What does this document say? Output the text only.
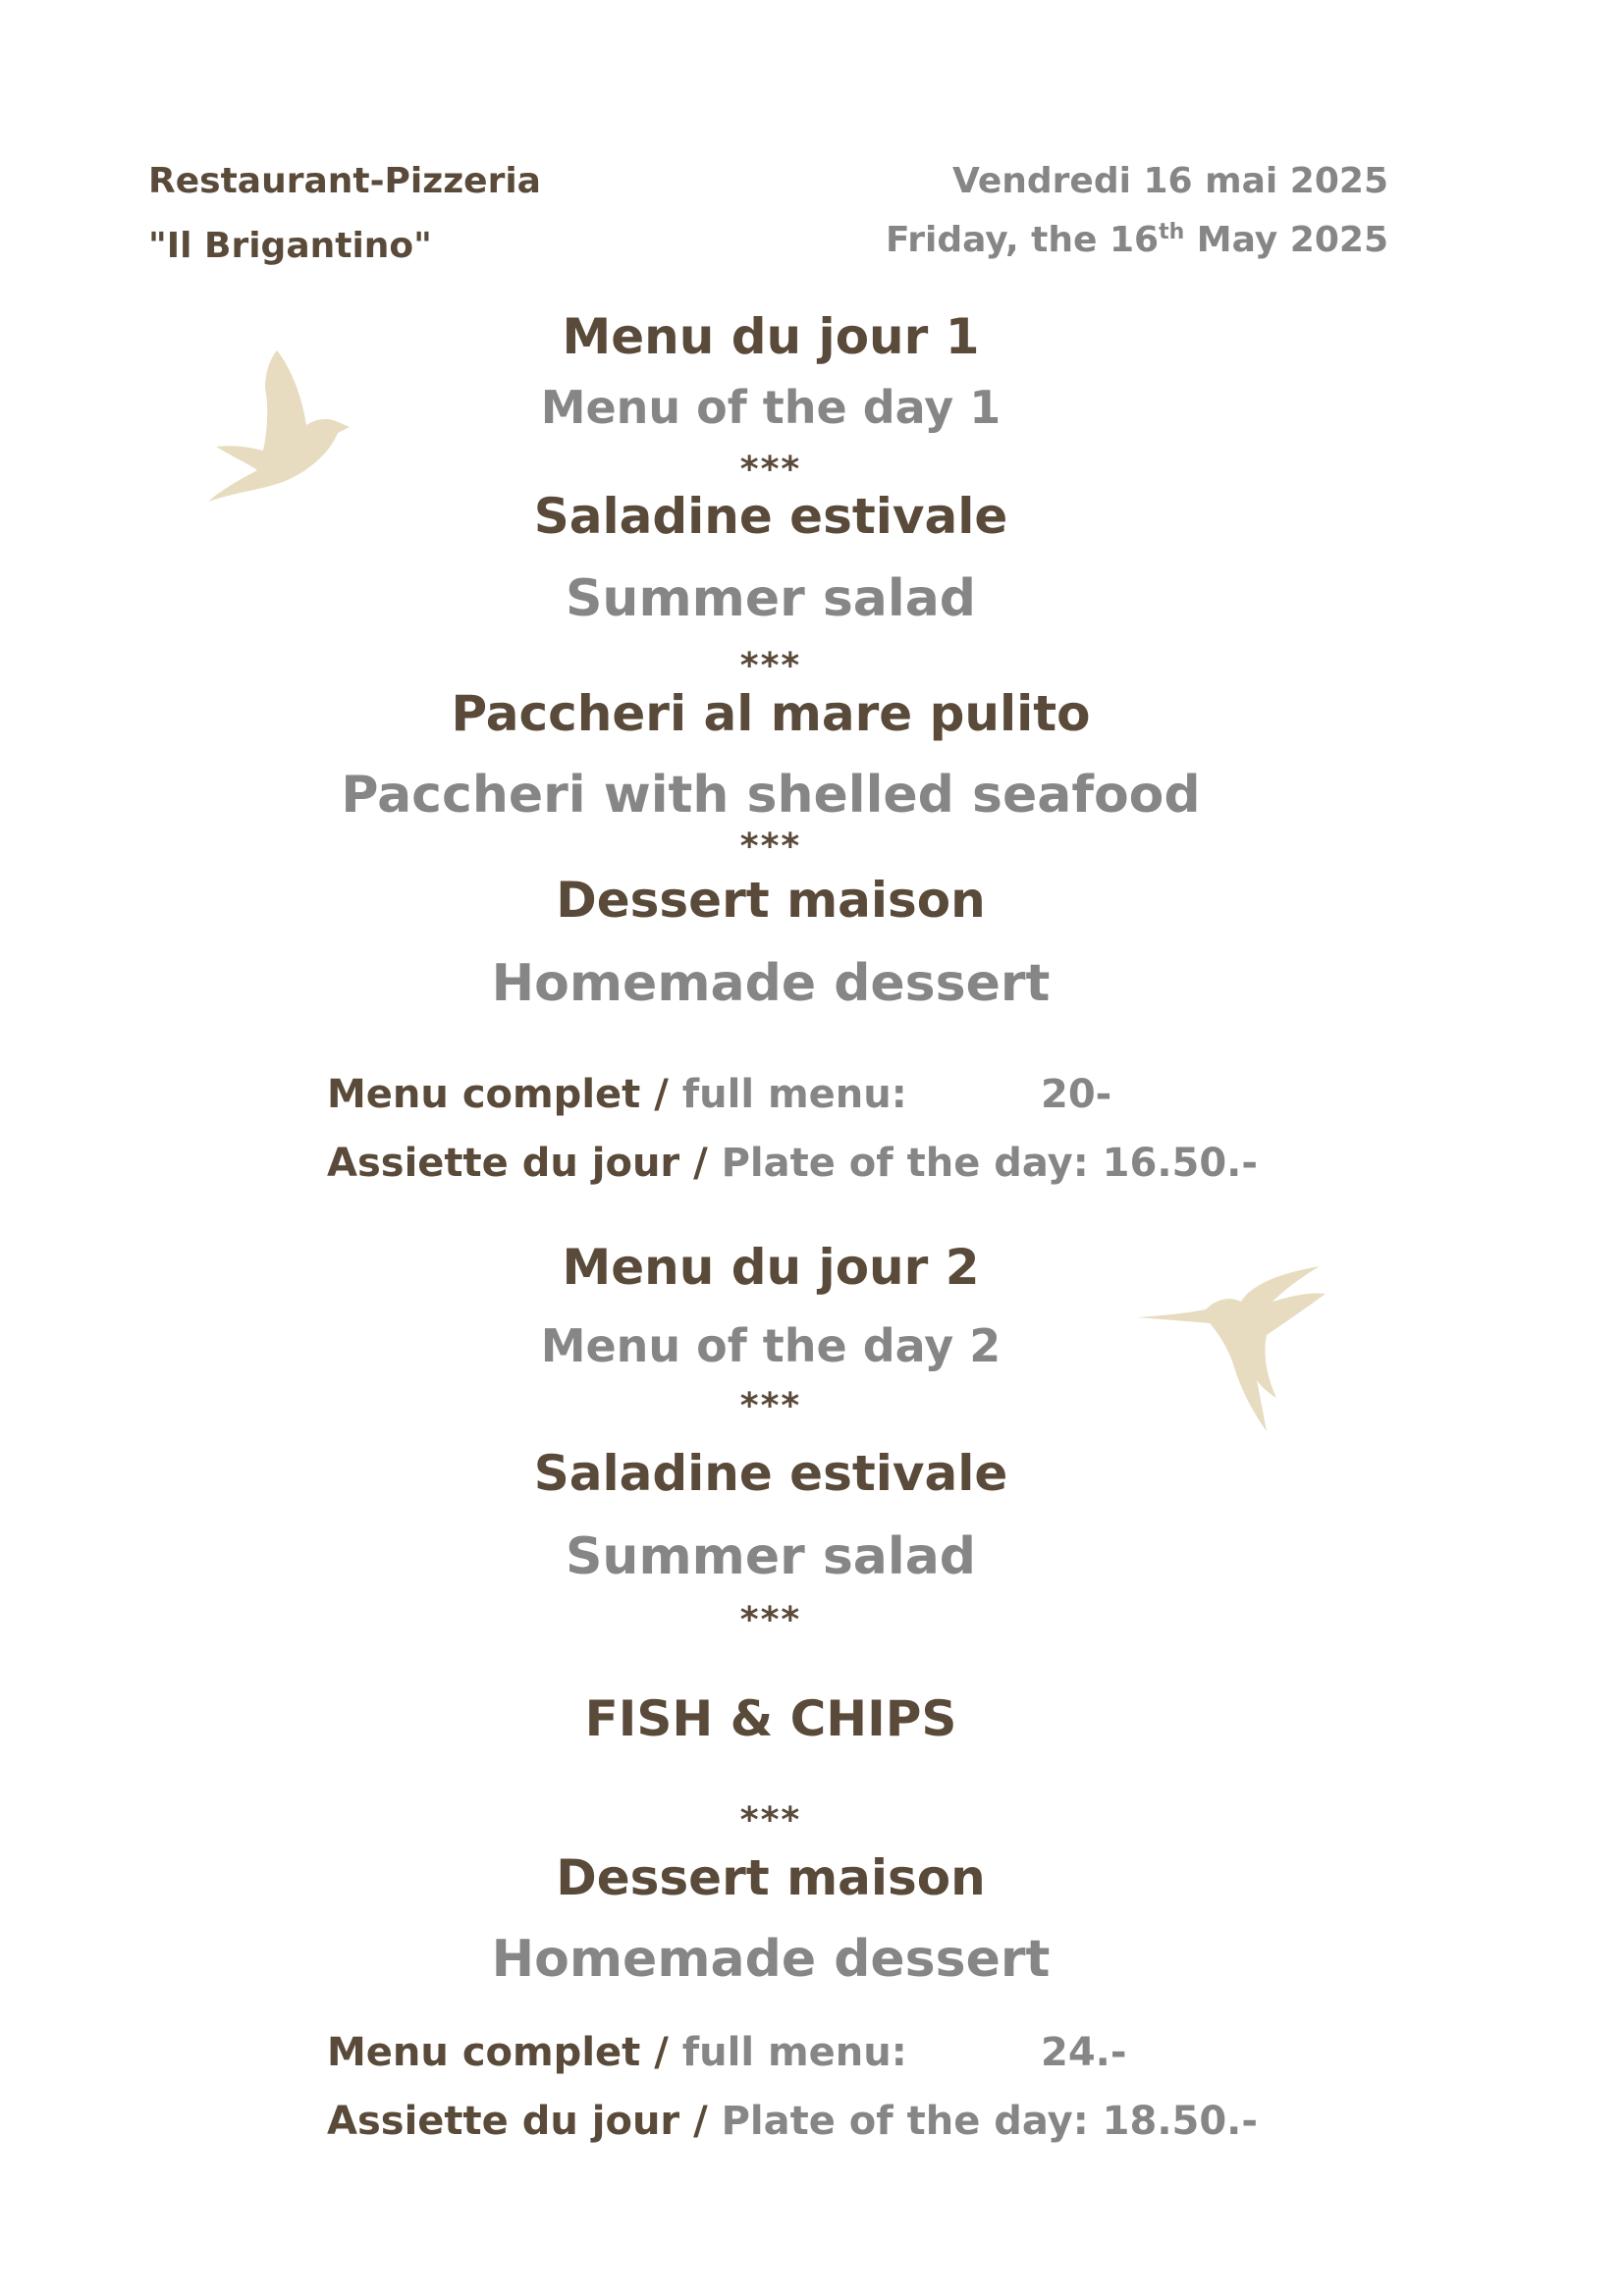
Restaurant-Pizzeria
"Il Brigantino"
Vendredi 16 mai 2025
Friday, the 16th May 2025
Menu du jour 1
Menu of the day 1
***
Saladine estivale
Summer salad
***
Paccheri al mare pulito
Paccheri with shelled seafood
***
Dessert maison
Homemade dessert
Menu complet / full menu:	20-
Assiette du jour / Plate of the day: 16.50.-
Menu du jour 2
Menu of the day 2
***
Saladine estivale
Summer salad
***
FISH & CHIPS
***
Dessert maison
Homemade dessert
Menu complet / full menu:	24.-
Assiette du jour / Plate of the day: 18.50.-
